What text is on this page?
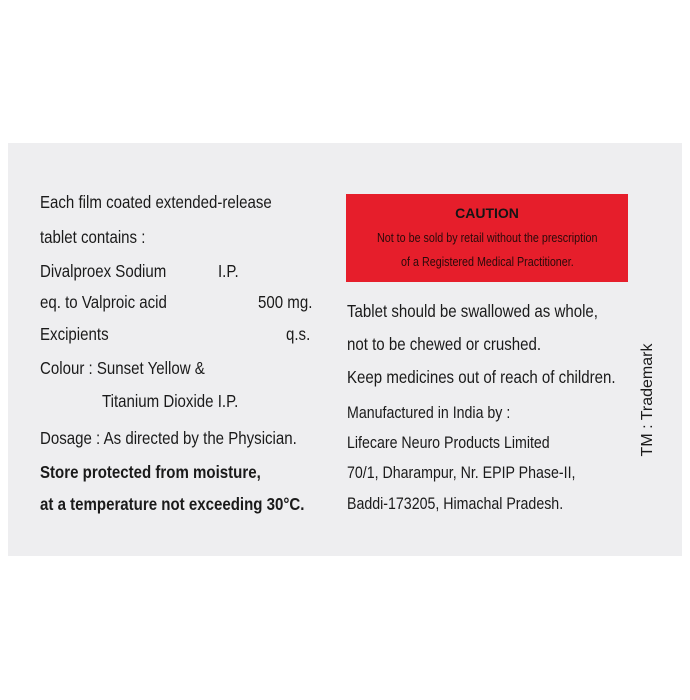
Each film coated extended-release
tablet contains :
Divalproex Sodium	I.P.
eq. to Valproic acid	500 mg.
Excipients	q.s.
Colour : Sunset Yellow &
Titanium Dioxide I.P.
Dosage : As directed by the Physician.
Store protected from moisture,
at a temperature not exceeding 30°C.
CAUTION
Not to be sold by retail without the prescription
of a Registered Medical Practitioner.
Tablet should be swallowed as whole,
not to be chewed or crushed.
Keep medicines out of reach of children.
Manufactured in India by :
Lifecare Neuro Products Limited
70/1, Dharampur, Nr. EPIP Phase-II,
Baddi-173205, Himachal Pradesh.
TM : Trademark
